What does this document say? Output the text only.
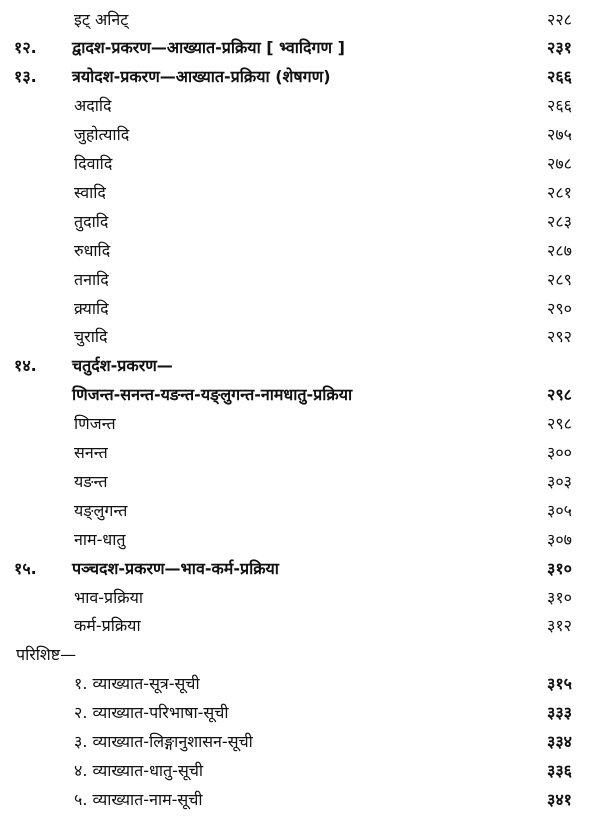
इट् अनिट्	२२८
१२.	द्वादश-प्रकरण—आख्यात-प्रक्रिया [ भ्वादिगण ]	२३१
१३.	त्रयोदश-प्रकरण—आख्यात-प्रक्रिया (शेषगण)	२६६
अदादि	२६६
जुहोत्यादि	२७५
दिवादि	२७८
स्वादि	२८१
तुदादि	२८३
रुधादि	२८७
तनादि	२८९
क्र्यादि	२९०
चुरादि	२९२
१४.	चतुर्दश-प्रकरण—
णिजन्त-सनन्त-यङन्त-यङ्लुगन्त-नामधातु-प्रक्रिया	२९८
णिजन्त	२९८
सनन्त	३००
यङन्त	३०३
यङ्लुगन्त	३०५
नाम-धातु	३०७
१५.	पञ्चदश-प्रकरण—भाव-कर्म-प्रक्रिया	३१०
भाव-प्रक्रिया	३१०
कर्म-प्रक्रिया	३१२
परिशिष्ट—
१. व्याख्यात-सूत्र-सूची	३१५
२. व्याख्यात-परिभाषा-सूची	३३३
३. व्याख्यात-लिङ्गानुशासन-सूची	३३४
४. व्याख्यात-धातु-सूची	३३६
५. व्याख्यात-नाम-सूची	३४१
